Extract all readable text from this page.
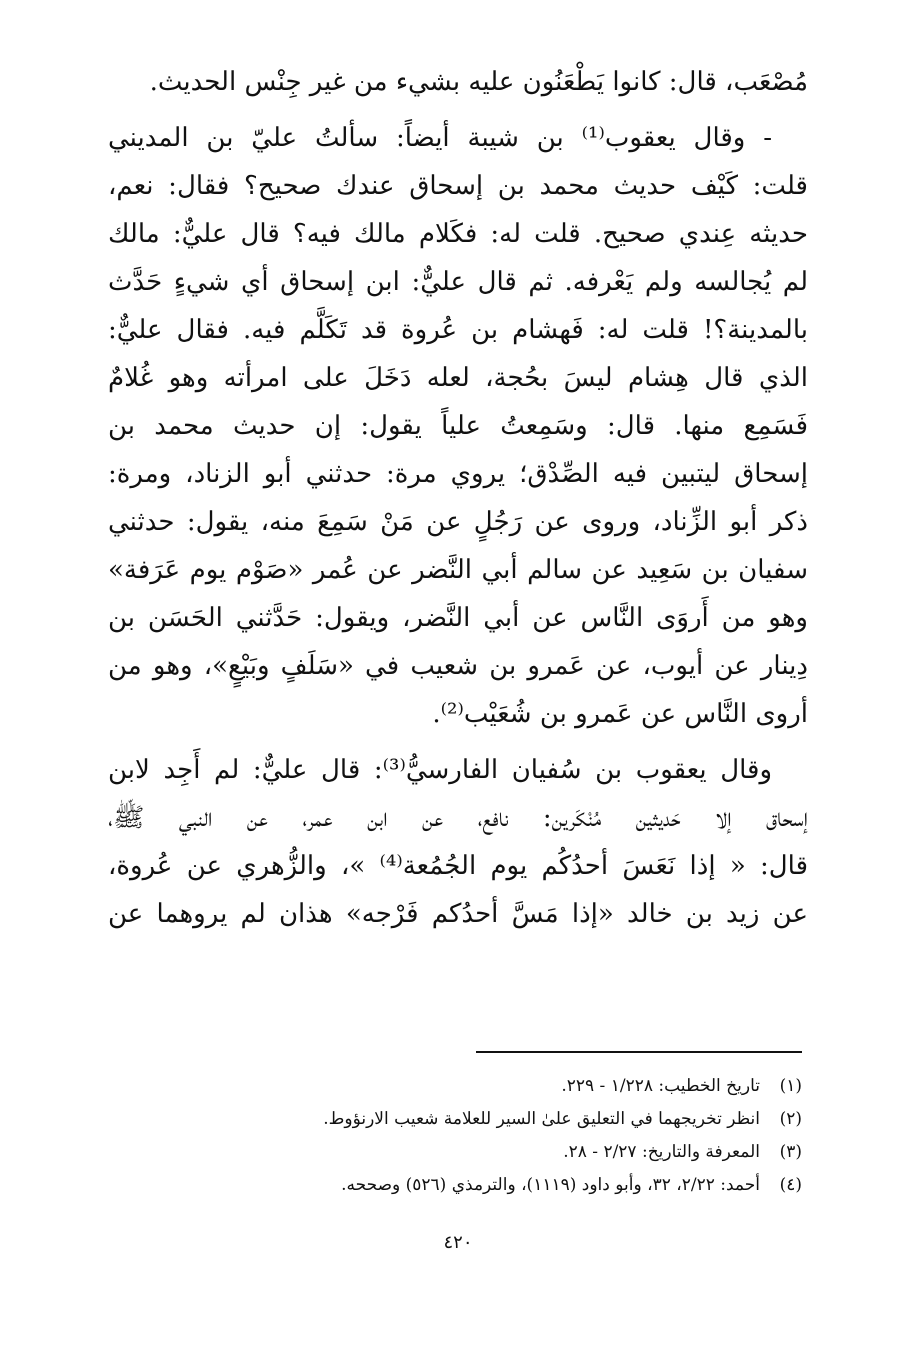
مُصْعَب، قال: كانوا يَطْعَنُون عليه بشيء من غير جِنْس الحديث.
- وقال يعقوب⁽¹⁾ بن شيبة أيضاً: سألتُ عليّ بن المديني
قلت: كَيْف حديث محمد بن إسحاق عندك صحيح؟ فقال: نعم،
حديثه عِندي صحيح. قلت له: فكَلام مالك فيه؟ قال عليٌّ: مالك
لم يُجالسه ولم يَعْرفه. ثم قال عليٌّ: ابن إسحاق أي شيءٍ حَدَّث
بالمدينة؟! قلت له: فَهشام بن عُروة قد تَكَلَّم فيه. فقال عليٌّ:
الذي قال هِشام ليسَ بحُجة، لعله دَخَلَ على امرأته وهو غُلامٌ
فَسَمِع منها. قال: وسَمِعتُ علياً يقول: إن حديث محمد بن
إسحاق ليتبين فيه الصِّدْق؛ يروي مرة: حدثني أبو الزناد، ومرة:
ذكر أبو الزِّناد، وروى عن رَجُلٍ عن مَنْ سَمِعَ منه، يقول: حدثني
سفيان بن سَعِيد عن سالم أبي النَّضر عن عُمر «صَوْم يوم عَرَفة»
وهو من أَروَى النَّاس عن أبي النَّضر، ويقول: حَدَّثني الحَسَن بن
دِينار عن أيوب، عن عَمرو بن شعيب في «سَلَفٍ وبَيْعٍ»، وهو من
أروى النَّاس عن عَمرو بن شُعَيْب⁽²⁾.
وقال يعقوب بن سُفيان الفارسيُّ⁽³⁾: قال عليٌّ: لم أَجِد لابن
إسحاق إلا حَديثين مُنْكَرين: نافع، عن ابن عمر، عن النبي ﷺ،
قال: « إذا نَعَسَ أحدُكُم يوم الجُمُعة⁽⁴⁾ »، والزُّهري عن عُروة،
عن زيد بن خالد «إذا مَسَّ أحدُكم فَرْجه» هذان لم يروهما عن
(١)
تاريخ الخطيب: ١/٢٢٨ - ٢٢٩.
(٢)
انظر تخريجهما في التعليق علىٰ السير للعلامة شعيب الارنؤوط.
(٣)
المعرفة والتاريخ: ٢/٢٧ - ٢٨.
(٤)
أحمد: ٢/٢٢، ٣٢، وأبو داود (١١١٩)، والترمذي (٥٢٦) وصححه.
٤٢٠
